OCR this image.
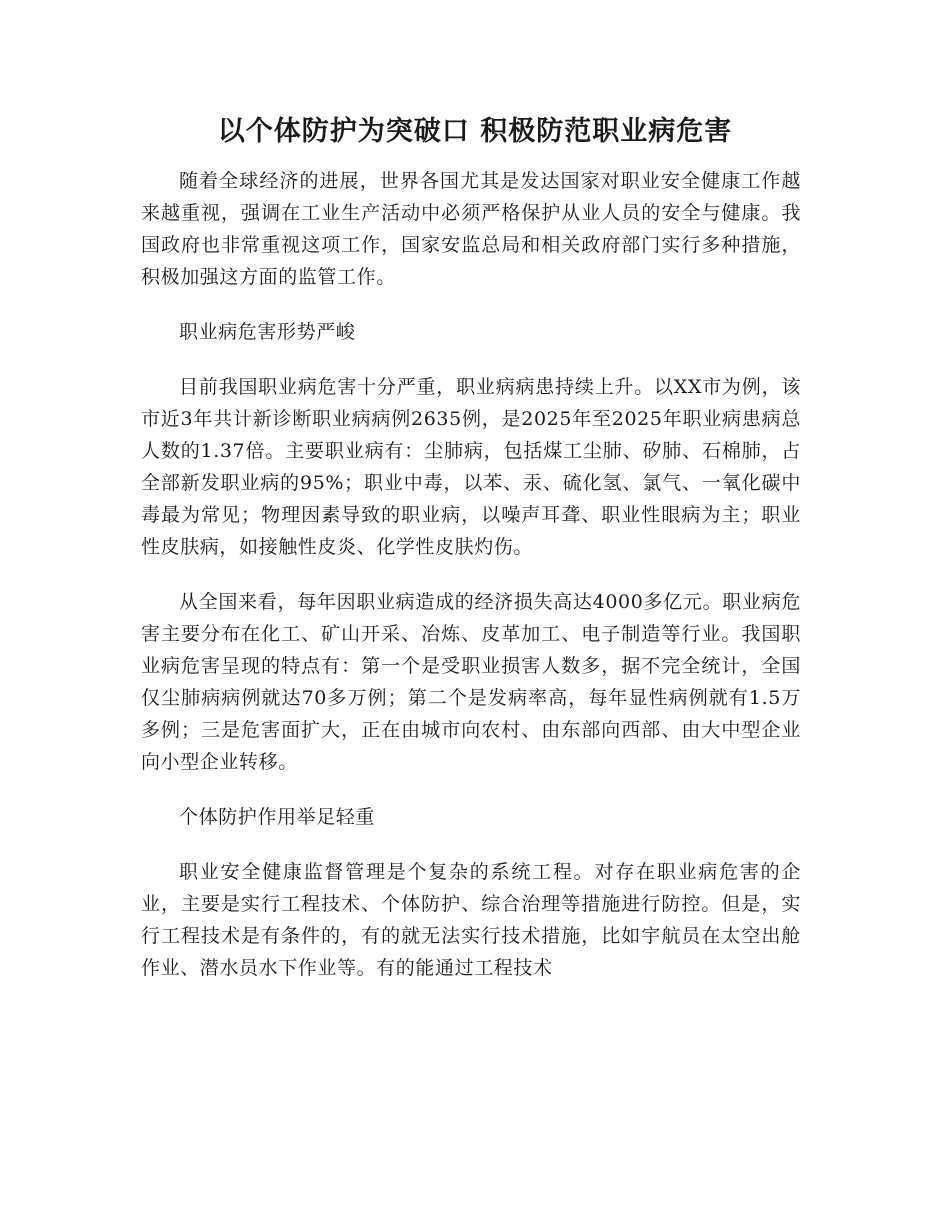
以个体防护为突破口 积极防范职业病危害

随着全球经济的进展，世界各国尤其是发达国家对职业安全健康工作越来越重视，强调在工业生产活动中必须严格保护从业人员的安全与健康。我国政府也非常重视这项工作，国家安监总局和相关政府部门实行多种措施，积极加强这方面的监管工作。

职业病危害形势严峻

目前我国职业病危害十分严重，职业病病患持续上升。以XX市为例，该市近3年共计新诊断职业病病例2635例，是2025年至2025年职业病患病总人数的1.37倍。主要职业病有：尘肺病，包括煤工尘肺、矽肺、石棉肺，占全部新发职业病的95%；职业中毒，以苯、汞、硫化氢、氯气、一氧化碳中毒最为常见；物理因素导致的职业病，以噪声耳聋、职业性眼病为主；职业性皮肤病，如接触性皮炎、化学性皮肤灼伤。

从全国来看，每年因职业病造成的经济损失高达4000多亿元。职业病危害主要分布在化工、矿山开采、冶炼、皮革加工、电子制造等行业。我国职业病危害呈现的特点有：第一个是受职业损害人数多，据不完全统计，全国仅尘肺病病例就达70多万例；第二个是发病率高，每年显性病例就有1.5万多例；三是危害面扩大，正在由城市向农村、由东部向西部、由大中型企业向小型企业转移。

个体防护作用举足轻重

职业安全健康监督管理是个复杂的系统工程。对存在职业病危害的企业，主要是实行工程技术、个体防护、综合治理等措施进行防控。但是，实行工程技术是有条件的，有的就无法实行技术措施，比如宇航员在太空出舱作业、潜水员水下作业等。有的能通过工程技术
